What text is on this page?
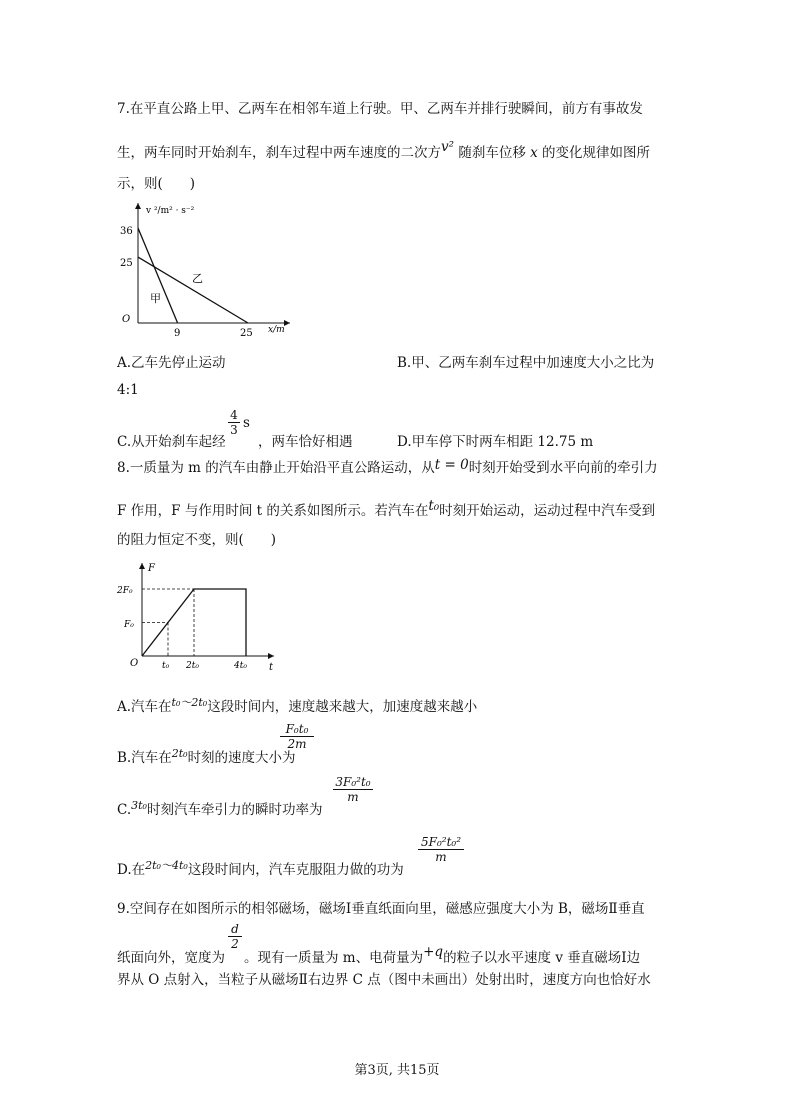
7.在平直公路上甲、乙两车在相邻车道上行驶。甲、乙两车并排行驶瞬间，前方有事故发
生，两车同时开始刹车，刹车过程中两车速度的二次方v² 随刹车位移 x 的变化规律如图所
示，则(　　)
v ²/m² · s⁻²
x/m
O
36
25
9	25
甲
乙
A.乙车先停止运动	B.甲、乙两车刹车过程中加速度大小之比为
4:1
C.从开始刹车起经
$\frac{4}{3}$ s
，两车恰好相遇	D.甲车停下时两车相距 12.75 m
8.一质量为 m 的汽车由静止开始沿平直公路运动，从t = 0时刻开始受到水平向前的牵引力
F 作用，F 与作用时间 t 的关系如图所示。若汽车在t₀时刻开始运动，运动过程中汽车受到
的阻力恒定不变，则(　　)
F
t
O
F₀
2F₀
t₀ 2t₀	4t₀
A.汽车在$^{t_0\sim 2t_0}$这段时间内，速度越来越大，加速度越来越小
B.汽车在$^{2t_0}$时刻的速度大小为
$\frac{\text{F₀t₀}}{2m}$
C.$^{3t_0}$时刻汽车牵引力的瞬时功率为
$\frac{\text{3F₀²t₀}}{m}$
D.在$^{2t_0\sim 4t_0}$这段时间内，汽车克服阻力做的功为
$\frac{\text{5F₀²t₀²}}{m}$
9.空间存在如图所示的相邻磁场，磁场Ⅰ垂直纸面向里，磁感应强度大小为 B，磁场Ⅱ垂直
纸面向外，宽度为
$\frac{d}{2}$
。现有一质量为 m、电荷量为+q的粒子以水平速度 v 垂直磁场Ⅰ边
界从 O 点射入，当粒子从磁场Ⅱ右边界 C 点（图中未画出）处射出时，速度方向也恰好水
第3页, 共15页
